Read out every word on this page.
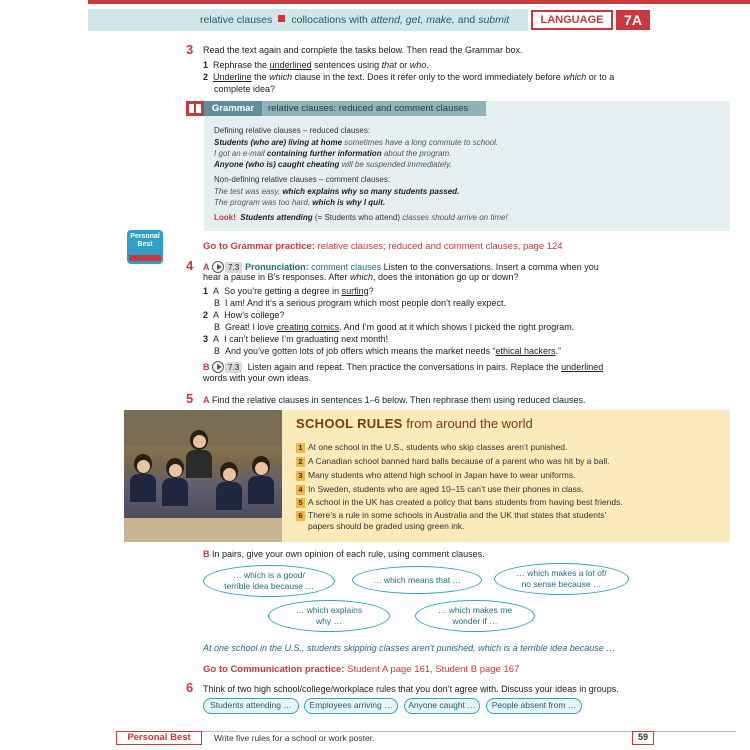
relative clauses collocations with attend, get, make, and submit	LANGUAGE	7A
3 Read the text again and complete the tasks below. Then read the Grammar box.
1 Rephrase the underlined sentences using that or who.
2 Underline the which clause in the text. Does it refer only to the word immediately before which or to a
complete idea?
Grammar	relative clauses: reduced and comment clauses
Defining relative clauses – reduced clauses:
Students (who are) living at home sometimes have a long commute to school.
I got an e-mail containing further information about the program.
Anyone (who is) caught cheating will be suspended immediately.
Non-defining relative clauses – comment clauses:
The test was easy, which explains why so many students passed.
The program was too hard, which is why I quit.
Look! Students attending (= Students who attend) classes should arrive on time!
Personal
Best	Go to Grammar practice: relative clauses; reduced and comment clauses, page 124
4 A 7.3 Pronunciation: comment clauses Listen to the conversations. Insert a comma when you
hear a pause in B’s responses. After which, does the intonation go up or down?
1 A So you’re getting a degree in surfing?
B I am! And it’s a serious program which most people don’t really expect.
2 A How’s college?
B Great! I love creating comics. And I’m good at it which shows I picked the right program.
3 A I can’t believe I’m graduating next month!
B And you’ve gotten lots of job offers which means the market needs “ethical hackers.”
B 7.3 Listen again and repeat. Then practice the conversations in pairs. Replace the underlined
words with your own ideas.
5 A Find the relative clauses in sentences 1–6 below. Then rephrase them using reduced clauses.
SCHOOL RULES from around the world
1 At one school in the U.S., students who skip classes aren’t punished.
2 A Canadian school banned hard balls because of a parent who was hit by a ball.
3 Many students who attend high school in Japan have to wear uniforms.
4 In Sweden, students who are aged 10–15 can’t use their phones in class.
5 A school in the UK has created a policy that bans students from having best friends.
6 There’s a rule in some schools in Australia and the UK that states that students’
papers should be graded using green ink.
B In pairs, give your own opinion of each rule, using comment clauses.
… which is a good/
terrible idea because …
… which means that …
… which makes a lot of/
no sense because …
… which explains
why …
… which makes me
wonder if …
At one school in the U.S., students skipping classes aren’t punished, which is a terrible idea because …
Go to Communication practice: Student A page 161, Student B page 167
6 Think of two high school/college/workplace rules that you don’t agree with. Discuss your ideas in groups.
Students attending …	Employees arriving …	Anyone caught …	People absent from …
Personal Best	Write five rules for a school or work poster.	59
